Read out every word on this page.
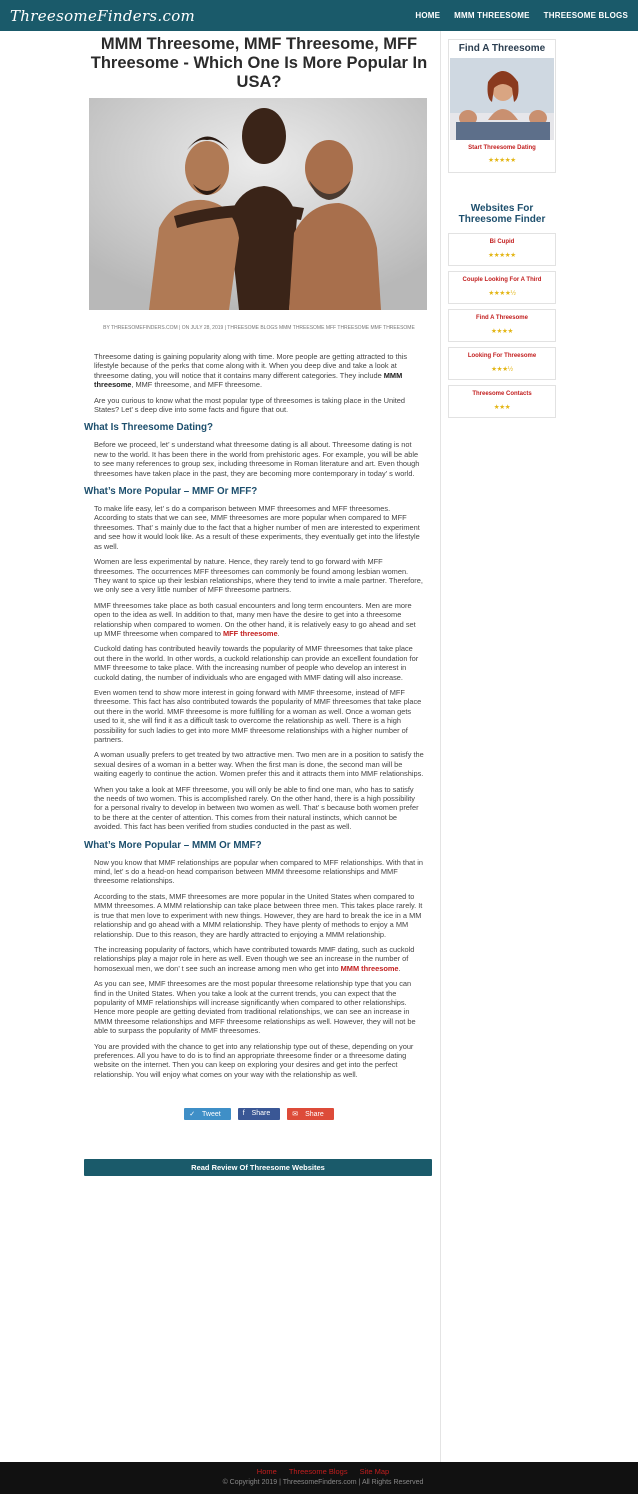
ThreesomeFinders.com	HOME MMM THREESOME THREESOME BLOGS
MMM Threesome, MMF Threesome, MFF Threesome - Which One Is More Popular In USA?
BY THREESOMEFINDERS.COM | ON JULY 28, 2019 | THREESOME BLOGS MMM THREESOME MFF THREESOME MMF THREESOME

Threesome dating is gaining popularity along with time. More people are getting attracted to this lifestyle because of the perks that come along with it. When you deep dive and take a look at threesome dating, you will notice that it contains many different categories. They include MMM threesome, MMF threesome, and MFF threesome.

Are you curious to know what the most popular type of threesomes is taking place in the United States? Let’ s deep dive into some facts and figure that out.

What Is Threesome Dating?

Before we proceed, let’ s understand what threesome dating is all about. Threesome dating is not new to the world. It has been there in the world from prehistoric ages. For example, you will be able to see many references to group sex, including threesome in Roman literature and art. Even though threesomes have taken place in the past, they are becoming more contemporary in today’ s world.

What’s More Popular – MMF Or MFF?

To make life easy, let’ s do a comparison between MMF threesomes and MFF threesomes. According to stats that we can see, MMF threesomes are more popular when compared to MFF threesomes. That’ s mainly due to the fact that a higher number of men are interested to experiment and see how it would look like. As a result of these experiments, they eventually get into the lifestyle as well.

Women are less experimental by nature. Hence, they rarely tend to go forward with MFF threesomes. The occurrences MFF threesomes can commonly be found among lesbian women. They want to spice up their lesbian relationships, where they tend to invite a male partner. Therefore, we only see a very little number of MFF threesome partners.

MMF threesomes take place as both casual encounters and long term encounters. Men are more open to the idea as well. In addition to that, many men have the desire to get into a threesome relationship when compared to women. On the other hand, it is relatively easy to go ahead and set up MMF threesome when compared to MFF threesome.

Cuckold dating has contributed heavily towards the popularity of MMF threesomes that take place out there in the world. In other words, a cuckold relationship can provide an excellent foundation for MMF threesome to take place. With the increasing number of people who develop an interest in cuckold dating, the number of individuals who are engaged with MMF dating will also increase.

Even women tend to show more interest in going forward with MMF threesome, instead of MFF threesome. This fact has also contributed towards the popularity of MMF threesomes that take place out there in the world. MMF threesome is more fulfilling for a woman as well. Once a woman gets used to it, she will find it as a difficult task to overcome the relationship as well. There is a high possibility for such ladies to get into more MMF threesome relationships with a higher number of partners.

A woman usually prefers to get treated by two attractive men. Two men are in a position to satisfy the sexual desires of a woman in a better way. When the first man is done, the second man will be waiting eagerly to continue the action. Women prefer this and it attracts them into MMF relationships.

When you take a look at MFF threesome, you will only be able to find one man, who has to satisfy the needs of two women. This is accomplished rarely. On the other hand, there is a high possibility for a personal rivalry to develop in between two women as well. That’ s because both women prefer to be there at the center of attention. This comes from their natural instincts, which cannot be avoided. This fact has been verified from studies conducted in the past as well.

What’s More Popular – MMM Or MMF?

Now you know that MMF relationships are popular when compared to MFF relationships. With that in mind, let’ s do a head-on head comparison between MMM threesome relationships and MMF threesome relationships.

According to the stats, MMF threesomes are more popular in the United States when compared to MMM threesomes. A MMM relationship can take place between three men. This takes place rarely. It is true that men love to experiment with new things. However, they are hard to break the ice in a MM relationship and go ahead with a MMM relationship. They have plenty of methods to enjoy a MM relationship. Due to this reason, they are hardly attracted to enjoying a MMM relationship.

The increasing popularity of factors, which have contributed towards MMF dating, such as cuckold relationships play a major role in here as well. Even though we see an increase in the number of homosexual men, we don’ t see such an increase among men who get into MMM threesome.

As you can see, MMF threesomes are the most popular threesome relationship type that you can find in the United States. When you take a look at the current trends, you can expect that the popularity of MMF relationships will increase significantly when compared to other relationships. Hence more people are getting deviated from traditional relationships, we can see an increase in MMM threesome relationships and MFF threesome relationships as well. However, they will not be able to surpass the popularity of MMF threesomes.

You are provided with the chance to get into any relationship type out of these, depending on your preferences. All you have to do is to find an appropriate threesome finder or a threesome dating website on the internet. Then you can keep on exploring your desires and get into the perfect relationship. You will enjoy what comes on your way with the relationship as well.

✓ Tweet	f Share	✉ Share
Read Review Of Threesome Websites
Find A Threesome
Start Threesome Dating
★★★★★
Websites For Threesome Finder
Bi Cupid
★★★★★
Couple Looking For A Third
★★★★½
Find A Threesome
★★★★
Looking For Threesome
★★★½
Threesome Contacts
★★★
Home Threesome Blogs Site Map
© Copyright 2019 | ThreesomeFinders.com | All Rights Reserved
